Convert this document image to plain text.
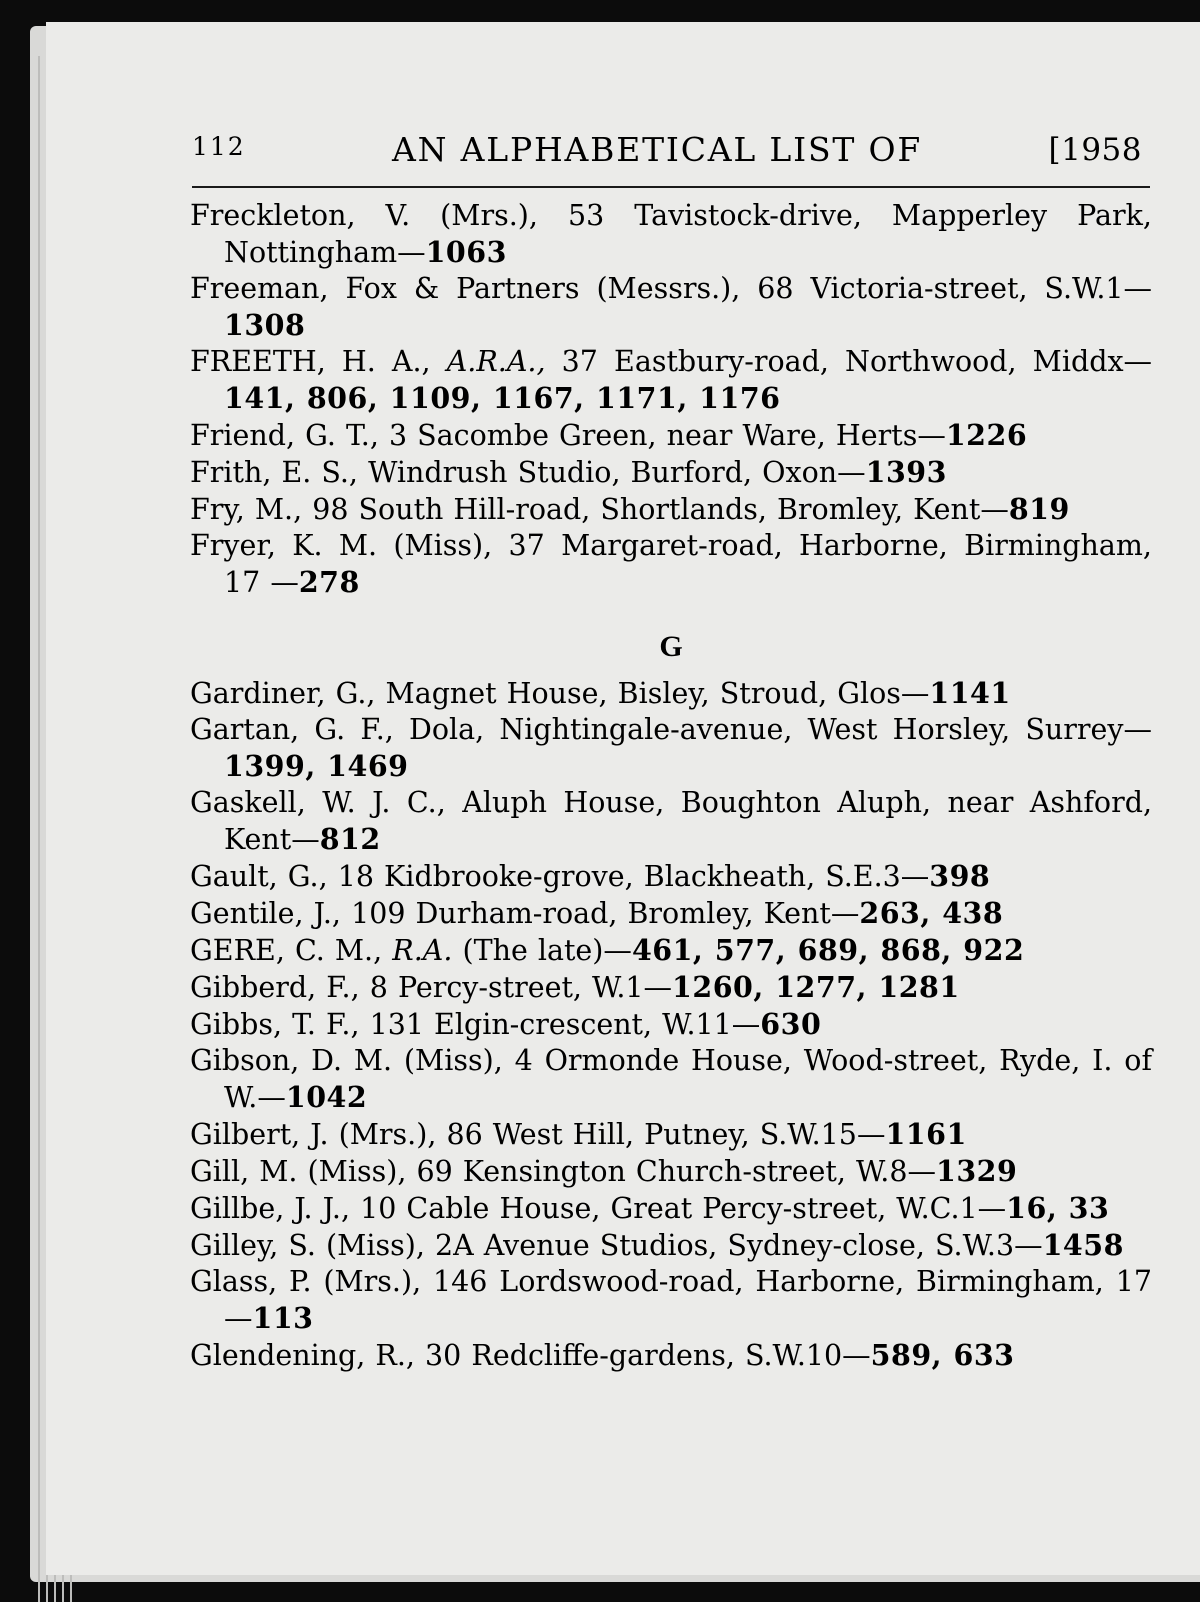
112	AN ALPHABETICAL LIST OF	[1958
Freckleton, V. (Mrs.), 53 Tavistock-drive, Mapperley Park, Nottingham—1063
Freeman, Fox & Partners (Messrs.), 68 Victoria-street, S.W.1—1308
FREETH, H. A., A.R.A., 37 Eastbury-road, Northwood, Middx—141, 806, 1109, 1167, 1171, 1176
Friend, G. T., 3 Sacombe Green, near Ware, Herts—1226
Frith, E. S., Windrush Studio, Burford, Oxon—1393
Fry, M., 98 South Hill-road, Shortlands, Bromley, Kent—819
Fryer, K. M. (Miss), 37 Margaret-road, Harborne, Birmingham, 17 —278
G
Gardiner, G., Magnet House, Bisley, Stroud, Glos—1141
Gartan, G. F., Dola, Nightingale-avenue, West Horsley, Surrey—1399, 1469
Gaskell, W. J. C., Aluph House, Boughton Aluph, near Ashford, Kent—812
Gault, G., 18 Kidbrooke-grove, Blackheath, S.E.3—398
Gentile, J., 109 Durham-road, Bromley, Kent—263, 438
GERE, C. M., R.A. (The late)—461, 577, 689, 868, 922
Gibberd, F., 8 Percy-street, W.1—1260, 1277, 1281
Gibbs, T. F., 131 Elgin-crescent, W.11—630
Gibson, D. M. (Miss), 4 Ormonde House, Wood-street, Ryde, I. of W.—1042
Gilbert, J. (Mrs.), 86 West Hill, Putney, S.W.15—1161
Gill, M. (Miss), 69 Kensington Church-street, W.8—1329
Gillbe, J. J., 10 Cable House, Great Percy-street, W.C.1—16, 33
Gilley, S. (Miss), 2A Avenue Studios, Sydney-close, S.W.3—1458
Glass, P. (Mrs.), 146 Lordswood-road, Harborne, Birmingham, 17—113
Glendening, R., 30 Redcliffe-gardens, S.W.10—589, 633
